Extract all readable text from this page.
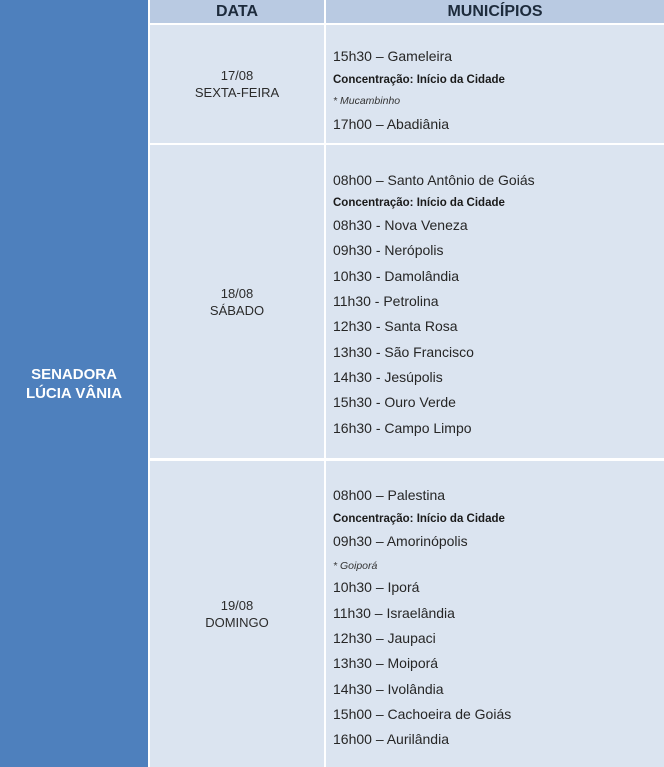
SENADORA
LÚCIA VÂNIA
DATA	MUNICÍPIOS
17/08
SEXTA-FEIRA
15h30 – Gameleira
Concentração: Início da Cidade
* Mucambinho
17h00 – Abadiânia
18/08
SÁBADO
08h00 – Santo Antônio de Goiás
Concentração: Início da Cidade
08h30 - Nova Veneza
09h30 - Nerópolis
10h30 - Damolândia
11h30 - Petrolina
12h30 - Santa Rosa
13h30 - São Francisco
14h30 - Jesúpolis
15h30 - Ouro Verde
16h30 - Campo Limpo
19/08
DOMINGO
08h00 – Palestina
Concentração: Início da Cidade
09h30 – Amorinópolis
* Goiporá
10h30 – Iporá
11h30 – Israelândia
12h30 – Jaupaci
13h30 – Moiporá
14h30 – Ivolândia
15h00 – Cachoeira de Goiás
16h00 – Aurilândia
